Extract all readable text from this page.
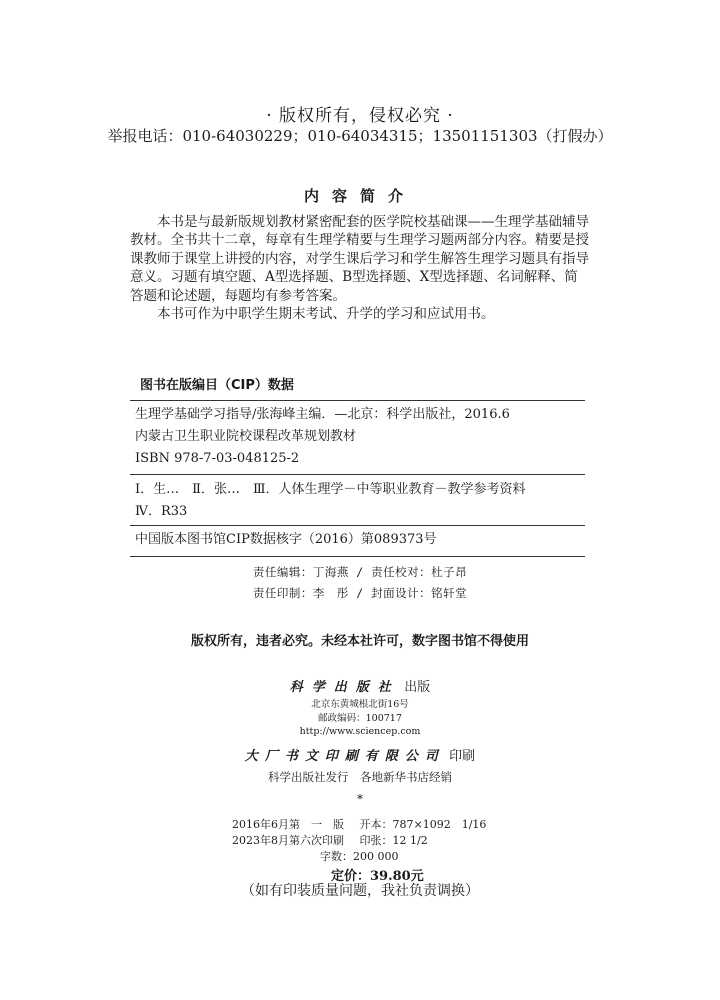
· 版权所有，侵权必究 ·
举报电话：010-64030229；010-64034315；13501151303（打假办）
内容简介

本书是与最新版规划教材紧密配套的医学院校基础课——生理学基础辅导教材。全书共十二章，每章有生理学精要与生理学习题两部分内容。精要是授课教师于课堂上讲授的内容，对学生课后学习和学生解答生理学习题具有指导意义。习题有填空题、A型选择题、B型选择题、X型选择题、名词解释、简答题和论述题，每题均有参考答案。

本书可作为中职学生期末考试、升学的学习和应试用书。

图书在版编目（CIP）数据
生理学基础学习指导/张海峰主编．—北京：科学出版社，2016.6
内蒙古卫生职业院校课程改革规划教材
ISBN 978-7-03-048125-2
Ⅰ．生…　Ⅱ．张…　Ⅲ．人体生理学－中等职业教育－教学参考资料
Ⅳ．R33
中国版本图书馆CIP数据核字（2016）第089373号
责任编辑：丁海燕 / 责任校对：杜子昂
责任印制：李　彤 / 封面设计：铭轩堂
版权所有，违者必究。未经本社许可，数字图书馆不得使用
科学出版社 出版
北京东黄城根北街16号
邮政编码：100717
http://www.sciencep.com
大厂书文印刷有限公司 印刷
科学出版社发行　各地新华书店经销
*
2016年6月第　一　版 开本：787×1092　1/16
2023年8月第六次印刷 印张：12 1/2
字数：200 000
定价：39.80元
（如有印装质量问题，我社负责调换）
